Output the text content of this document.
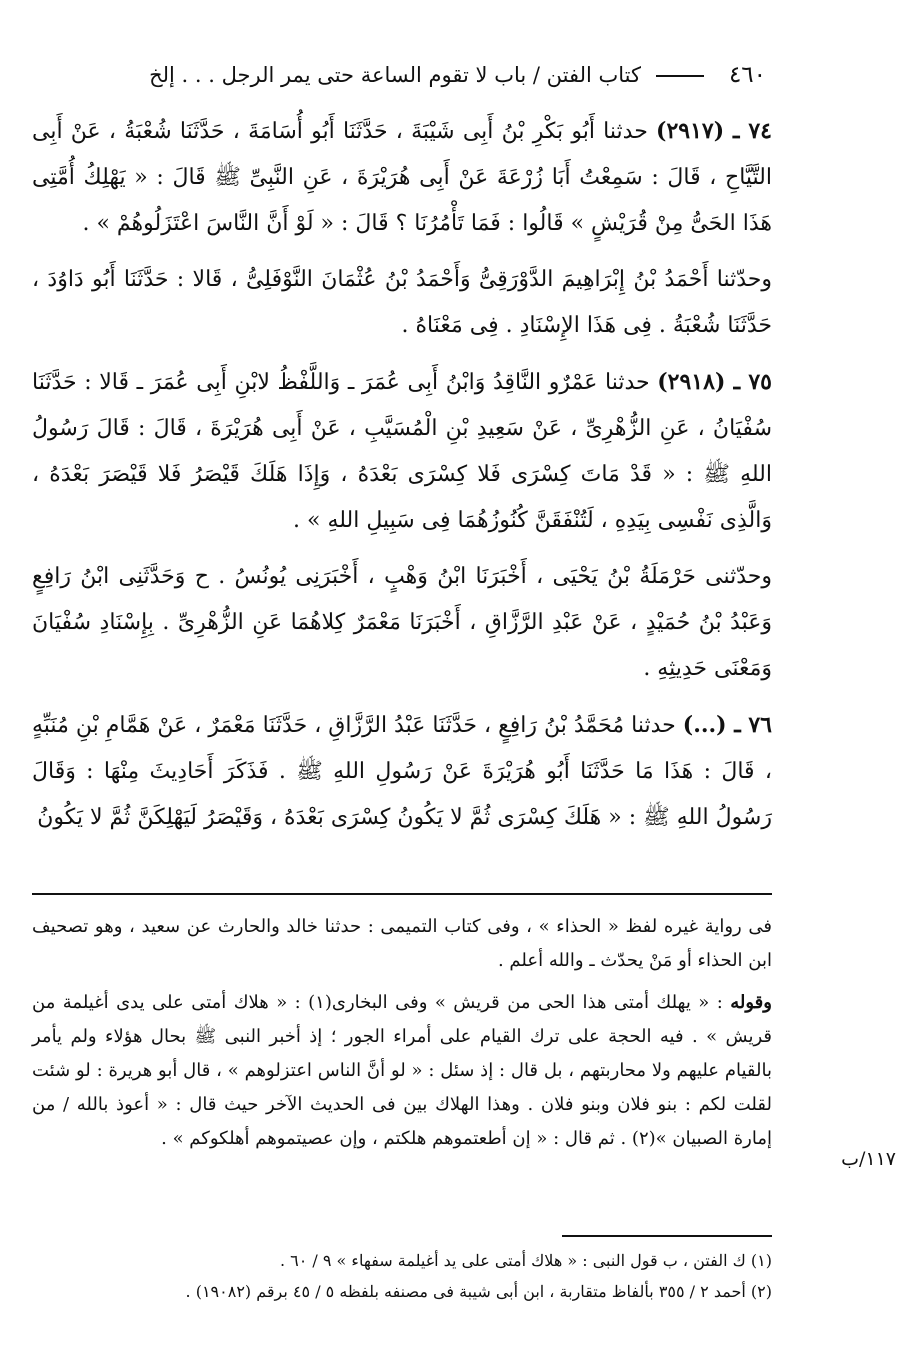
٤٦٠
كتاب الفتن / باب لا تقوم الساعة حتى يمر الرجل . . . إلخ

٧٤ ـ (٢٩١٧) حدثنا أَبُو بَكْرِ بْنُ أَبِى شَيْبَةَ ، حَدَّثَنَا أَبُو أُسَامَةَ ، حَدَّثَنَا شُعْبَةُ ، عَنْ أَبِى التَّيَّاحِ ، قَالَ : سَمِعْتُ أَبَا زُرْعَةَ عَنْ أَبِى هُرَيْرَةَ ، عَنِ النَّبِىِّ ﷺ قَالَ : « يَهْلِكُ أُمَّتِى هَذَا الحَىُّ مِنْ قُرَيْشٍ » قَالُوا : فَمَا تَأْمُرُنَا ؟ قَالَ : « لَوْ أَنَّ النَّاسَ اعْتَزَلُوهُمْ » .

وحدّثنا أَحْمَدُ بْنُ إِبْرَاهِيمَ الدَّوْرَقِىُّ وَأَحْمَدُ بْنُ عُثْمَانَ النَّوْفَلِىُّ ، قَالا : حَدَّثَنَا أَبُو دَاوُدَ ، حَدَّثَنَا شُعْبَةُ . فِى هَذَا الإِسْنَادِ . فِى مَعْنَاهُ .

٧٥ ـ (٢٩١٨) حدثنا عَمْرٌو النَّاقِدُ وَابْنُ أَبِى عُمَرَ ـ وَاللَّفْظُ لابْنِ أَبِى عُمَرَ ـ قَالا : حَدَّثَنَا سُفْيَانُ ، عَنِ الزُّهْرِىِّ ، عَنْ سَعِيدِ بْنِ الْمُسَيَّبِ ، عَنْ أَبِى هُرَيْرَةَ ، قَالَ : قَالَ رَسُولُ اللهِ ﷺ : « قَدْ مَاتَ كِسْرَى فَلا كِسْرَى بَعْدَهُ ، وَإِذَا هَلَكَ قَيْصَرُ فَلا قَيْصَرَ بَعْدَهُ ، وَالَّذِى نَفْسِى بِيَدِهِ ، لَتُنْفَقَنَّ كُنُوزُهُمَا فِى سَبِيلِ اللهِ » .

وحدّثنى حَرْمَلَةُ بْنُ يَحْيَى ، أَخْبَرَنَا ابْنُ وَهْبٍ ، أَخْبَرَنِى يُونُسُ . ح وَحَدَّثَنِى ابْنُ رَافِعٍ وَعَبْدُ بْنُ حُمَيْدٍ ، عَنْ عَبْدِ الرَّزَّاقِ ، أَخْبَرَنَا مَعْمَرٌ كِلاهُمَا عَنِ الزُّهْرِىِّ . بِإِسْنَادِ سُفْيَانَ وَمَعْنَى حَدِيثِهِ .

٧٦ ـ (...) حدثنا مُحَمَّدُ بْنُ رَافِعٍ ، حَدَّثَنَا عَبْدُ الرَّزَّاقِ ، حَدَّثَنَا مَعْمَرٌ ، عَنْ هَمَّامِ بْنِ مُنَبِّهٍ ، قَالَ : هَذَا مَا حَدَّثَنَا أَبُو هُرَيْرَةَ عَنْ رَسُولِ اللهِ ﷺ . فَذَكَرَ أَحَادِيثَ مِنْهَا : وَقَالَ رَسُولُ اللهِ ﷺ : « هَلَكَ كِسْرَى ثُمَّ لا يَكُونُ كِسْرَى بَعْدَهُ ، وَقَيْصَرُ لَيَهْلِكَنَّ ثُمَّ لا يَكُونُ

فى رواية غيره لفظ « الحذاء » ، وفى كتاب التميمى : حدثنا خالد والحارث عن سعيد ، وهو تصحيف ابن الحذاء أو مَنْ يحدّث ـ والله أعلم .

وقوله : « يهلك أمتى هذا الحى من قريش » وفى البخارى(١) : « هلاك أمتى على يدى أغيلمة من قريش » . فيه الحجة على ترك القيام على أمراء الجور ؛ إذ أخبر النبى ﷺ بحال هؤلاء ولم يأمر بالقيام عليهم ولا محاربتهم ، بل قال : إذ سئل : « لو أنَّ الناس اعتزلوهم » ، قال أبو هريرة : لو شئت لقلت لكم : بنو فلان وبنو فلان . وهذا الهلاك بين فى الحديث الآخر حيث قال : « أعوذ بالله / من إمارة الصبيان »(٢) . ثم قال : « إن أطعتموهم هلكتم ، وإن عصيتموهم أهلكوكم » .

١١٧/ب

(١) ك الفتن ، ب قول النبى : « هلاك أمتى على يد أغيلمة سفهاء » ٩ / ٦٠ .

(٢) أحمد ٢ / ٣٥٥ بألفاظ متقاربة ، ابن أبى شيبة فى مصنفه بلفظه ٥ / ٤٥ برقم (١٩٠٨٢) .
